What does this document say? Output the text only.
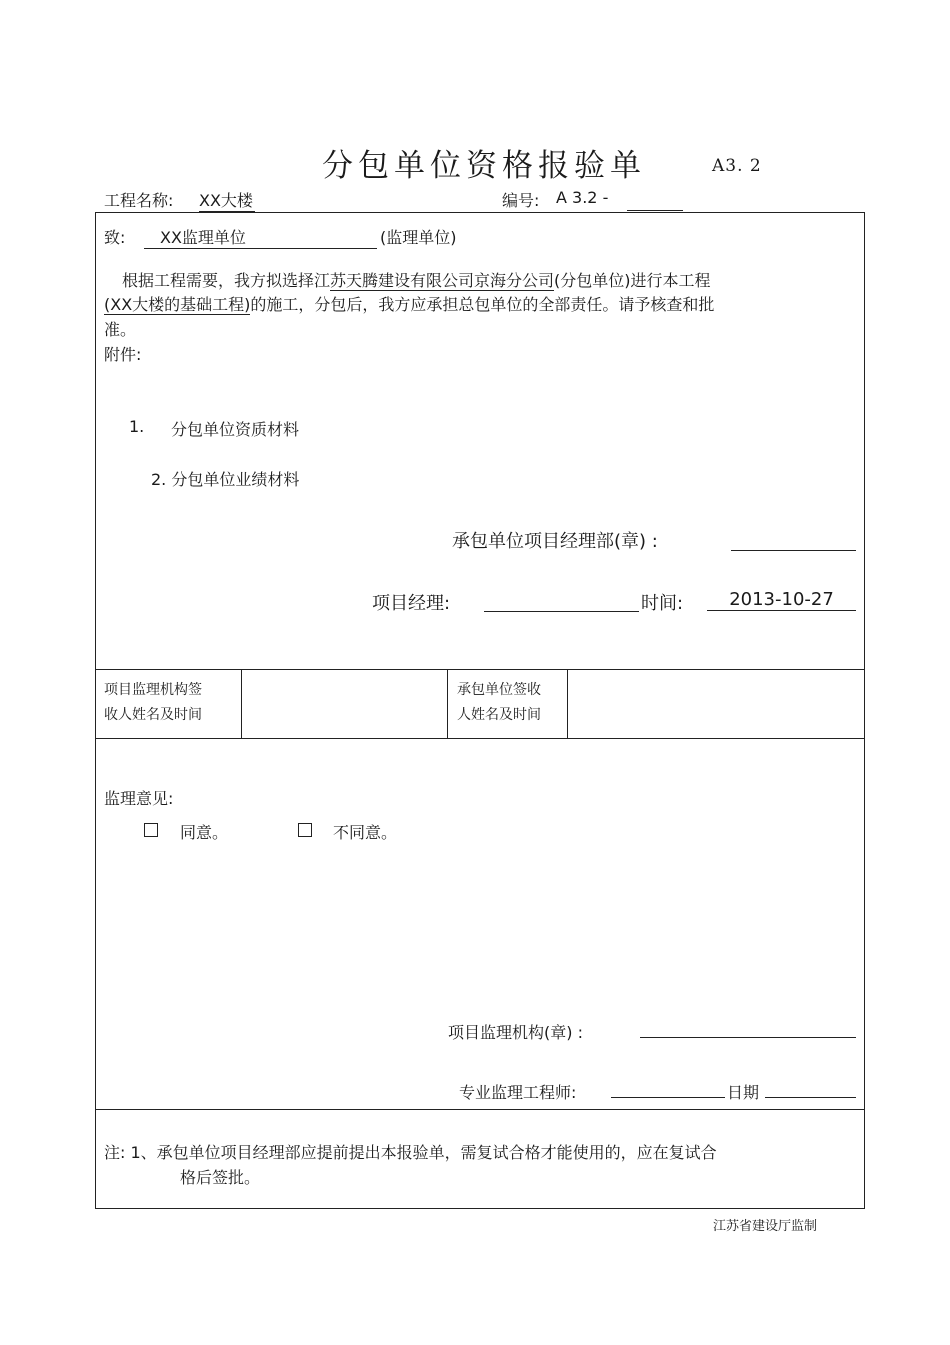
分包单位资格报验单	A3. 2
工程名称: XX大楼	编号: A 3.2 -
致:	XX监理单位	(监理单位)
根据工程需要，我方拟选择江苏天腾建设有限公司京海分公司(分包单位)进行本工程
(XX大楼的基础工程)的施工，分包后，我方应承担总包单位的全部责任。请予核查和批
准。
附件:
1. 分包单位资质材料
2. 分包单位业绩材料
承包单位项目经理部(章) :
项目经理:	时间:	2013-10-27
项目监理机构签
收人姓名及时间
承包单位签收
人姓名及时间
监理意见:
同意。	不同意。
项目监理机构(章) :
专业监理工程师:	日期
注: 1、承包单位项目经理部应提前提出本报验单，需复试合格才能使用的，应在复试合
格后签批。
江苏省建设厅监制
